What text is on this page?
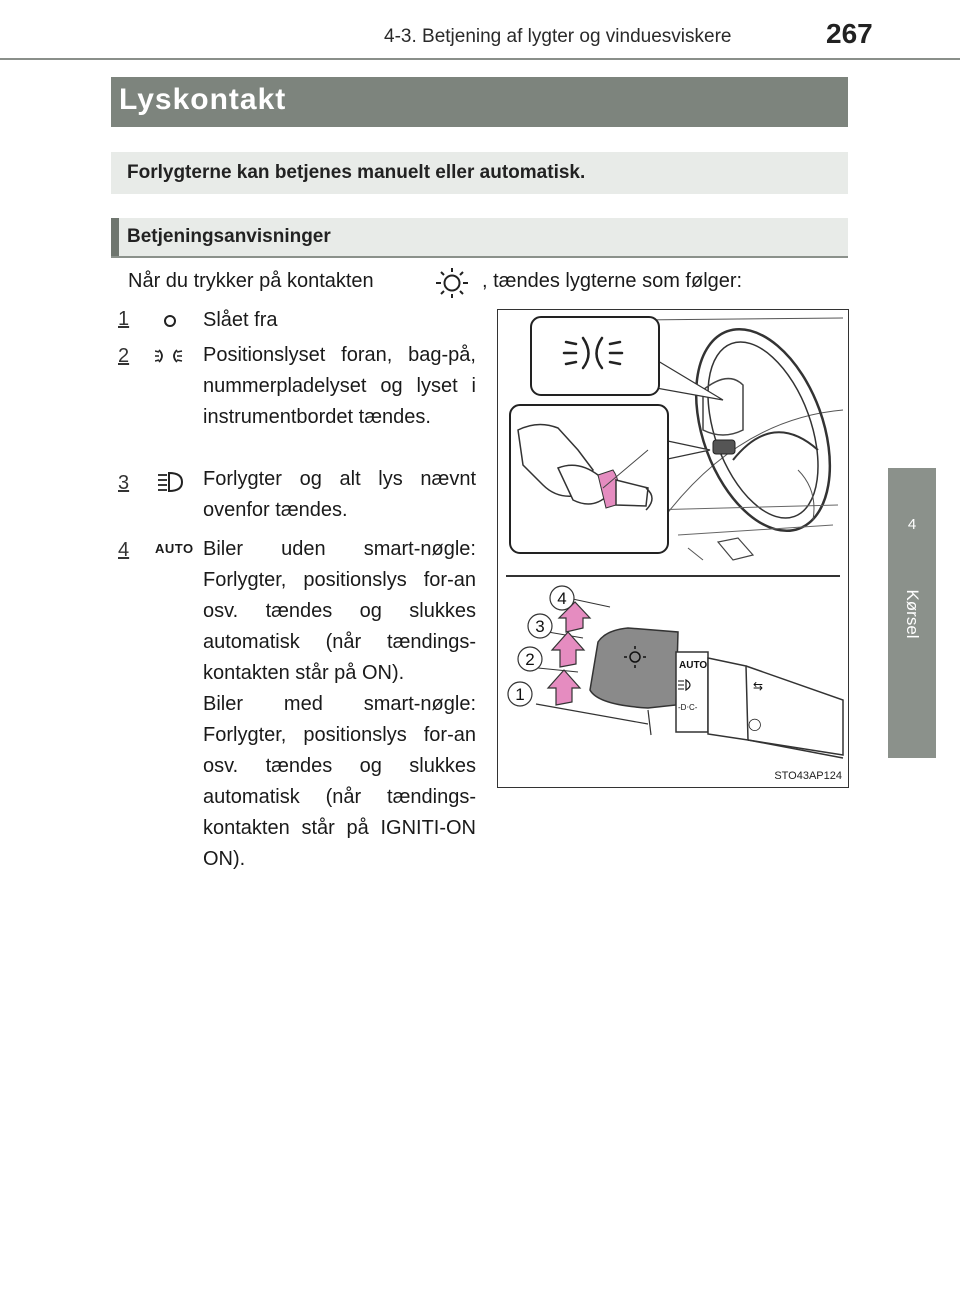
4-3. Betjening af lygter og vinduesviskere	267
4
Kørsel
Lyskontakt
Forlygterne kan betjenes manuelt eller automatisk.
Betjeningsanvisninger
Når du trykker på kontakten	, tændes lygterne som følger:
1	Slået fra
2	Positionslyset foran, bag-på, nummerpladelyset og lyset i instrumentbordet tændes.
3	Forlygter og alt lys nævnt ovenfor tændes.
4	AUTO Biler uden smart-nøgle: Forlygter, positionslys for-an osv. tændes og slukkes automatisk (når tændings-kontakten står på ON).
Biler med smart-nøgle: Forlygter, positionslys for-an osv. tændes og slukkes automatisk (når tændings-kontakten står på IGNITI-ON ON).
AUTO
-D⋅C-
⇆
◯
1
2
3
4
STO43AP124
